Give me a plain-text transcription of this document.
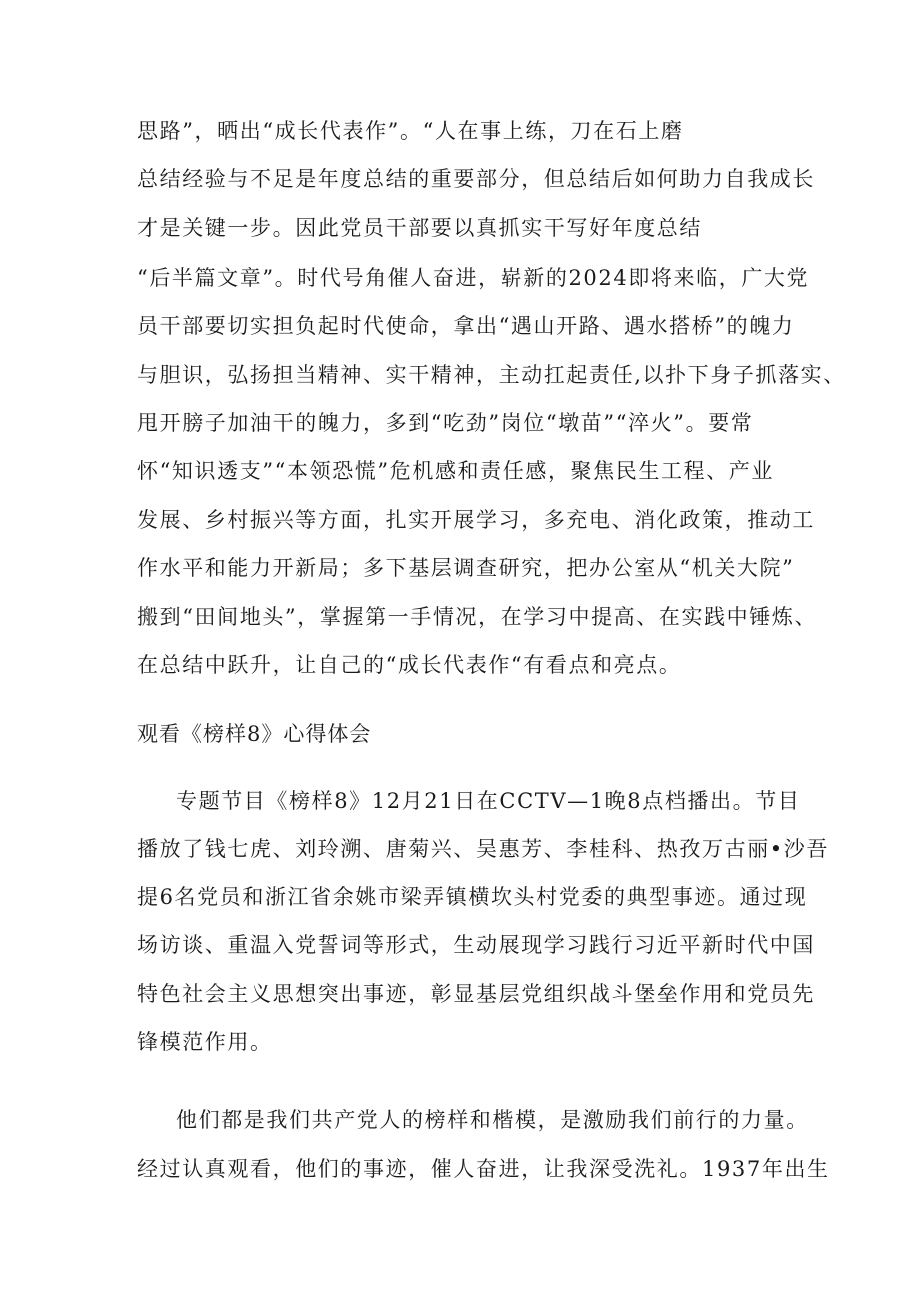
思路”，晒出“成长代表作”。“人在事上练，刀在石上磨
总结经验与不足是年度总结的重要部分，但总结后如何助力自我成长
才是关键一步。因此党员干部要以真抓实干写好年度总结
“后半篇文章”。时代号角催人奋进，崭新的2024即将来临，广大党
员干部要切实担负起时代使命，拿出“遇山开路、遇水搭桥”的魄力
与胆识，弘扬担当精神、实干精神，主动扛起责任,以扑下身子抓落实、
甩开膀子加油干的魄力，多到“吃劲”岗位“墩苗”“淬火”。要常
怀“知识透支”“本领恐慌”危机感和责任感，聚焦民生工程、产业
发展、乡村振兴等方面，扎实开展学习，多充电、消化政策，推动工
作水平和能力开新局；多下基层调查研究，把办公室从“机关大院”
搬到“田间地头”，掌握第一手情况，在学习中提高、在实践中锤炼、
在总结中跃升，让自己的“成长代表作“有看点和亮点。
观看《榜样8》心得体会
专题节目《榜样8》12月21日在CCTV—1晚8点档播出。节目
播放了钱七虎、刘玲溯、唐菊兴、吴惠芳、李桂科、热孜万古丽•沙吾
提6名党员和浙江省余姚市梁弄镇横坎头村党委的典型事迹。通过现
场访谈、重温入党誓词等形式，生动展现学习践行习近平新时代中国
特色社会主义思想突出事迹，彰显基层党组织战斗堡垒作用和党员先
锋模范作用。
他们都是我们共产党人的榜样和楷模，是激励我们前行的力量。
经过认真观看，他们的事迹，催人奋进，让我深受洗礼。1937年出生
